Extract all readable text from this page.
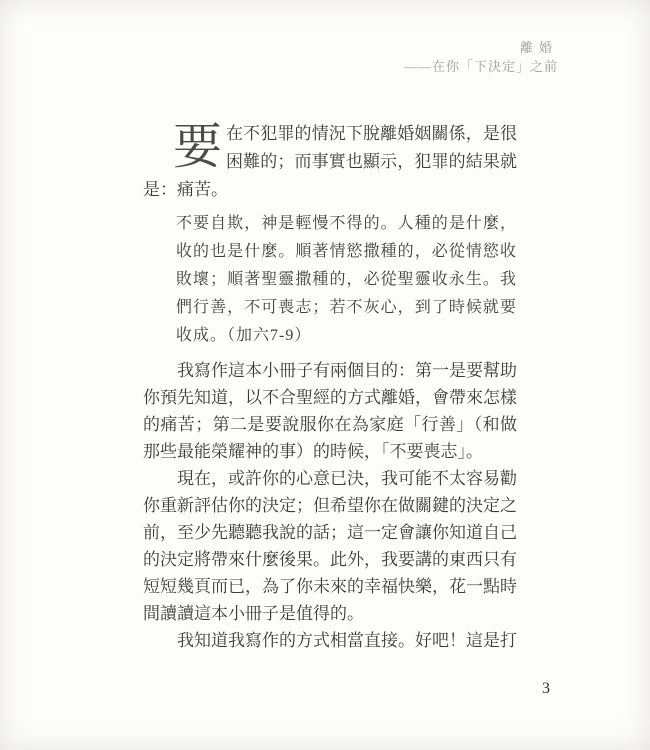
離婚
——在你「下決定」之前

要在不犯罪的情況下脫離婚姻關係，是很困難的；而事實也顯示，犯罪的結果就是：痛苦。

不要自欺，神是輕慢不得的。人種的是什麼，收的也是什麼。順著情慾撒種的，必從情慾收敗壞；順著聖靈撒種的，必從聖靈收永生。我們行善，不可喪志；若不灰心，到了時候就要收成。（加六7-9）

我寫作這本小冊子有兩個目的：第一是要幫助你預先知道，以不合聖經的方式離婚，會帶來怎樣的痛苦；第二是要說服你在為家庭「行善」（和做那些最能榮耀神的事）的時候，「不要喪志」。

現在，或許你的心意已決，我可能不太容易勸你重新評估你的決定；但希望你在做關鍵的決定之前，至少先聽聽我說的話；這一定會讓你知道自己的決定將帶來什麼後果。此外，我要講的東西只有短短幾頁而已，為了你未來的幸福快樂，花一點時間讀讀這本小冊子是值得的。

我知道我寫作的方式相當直接。好吧！這是打

3
